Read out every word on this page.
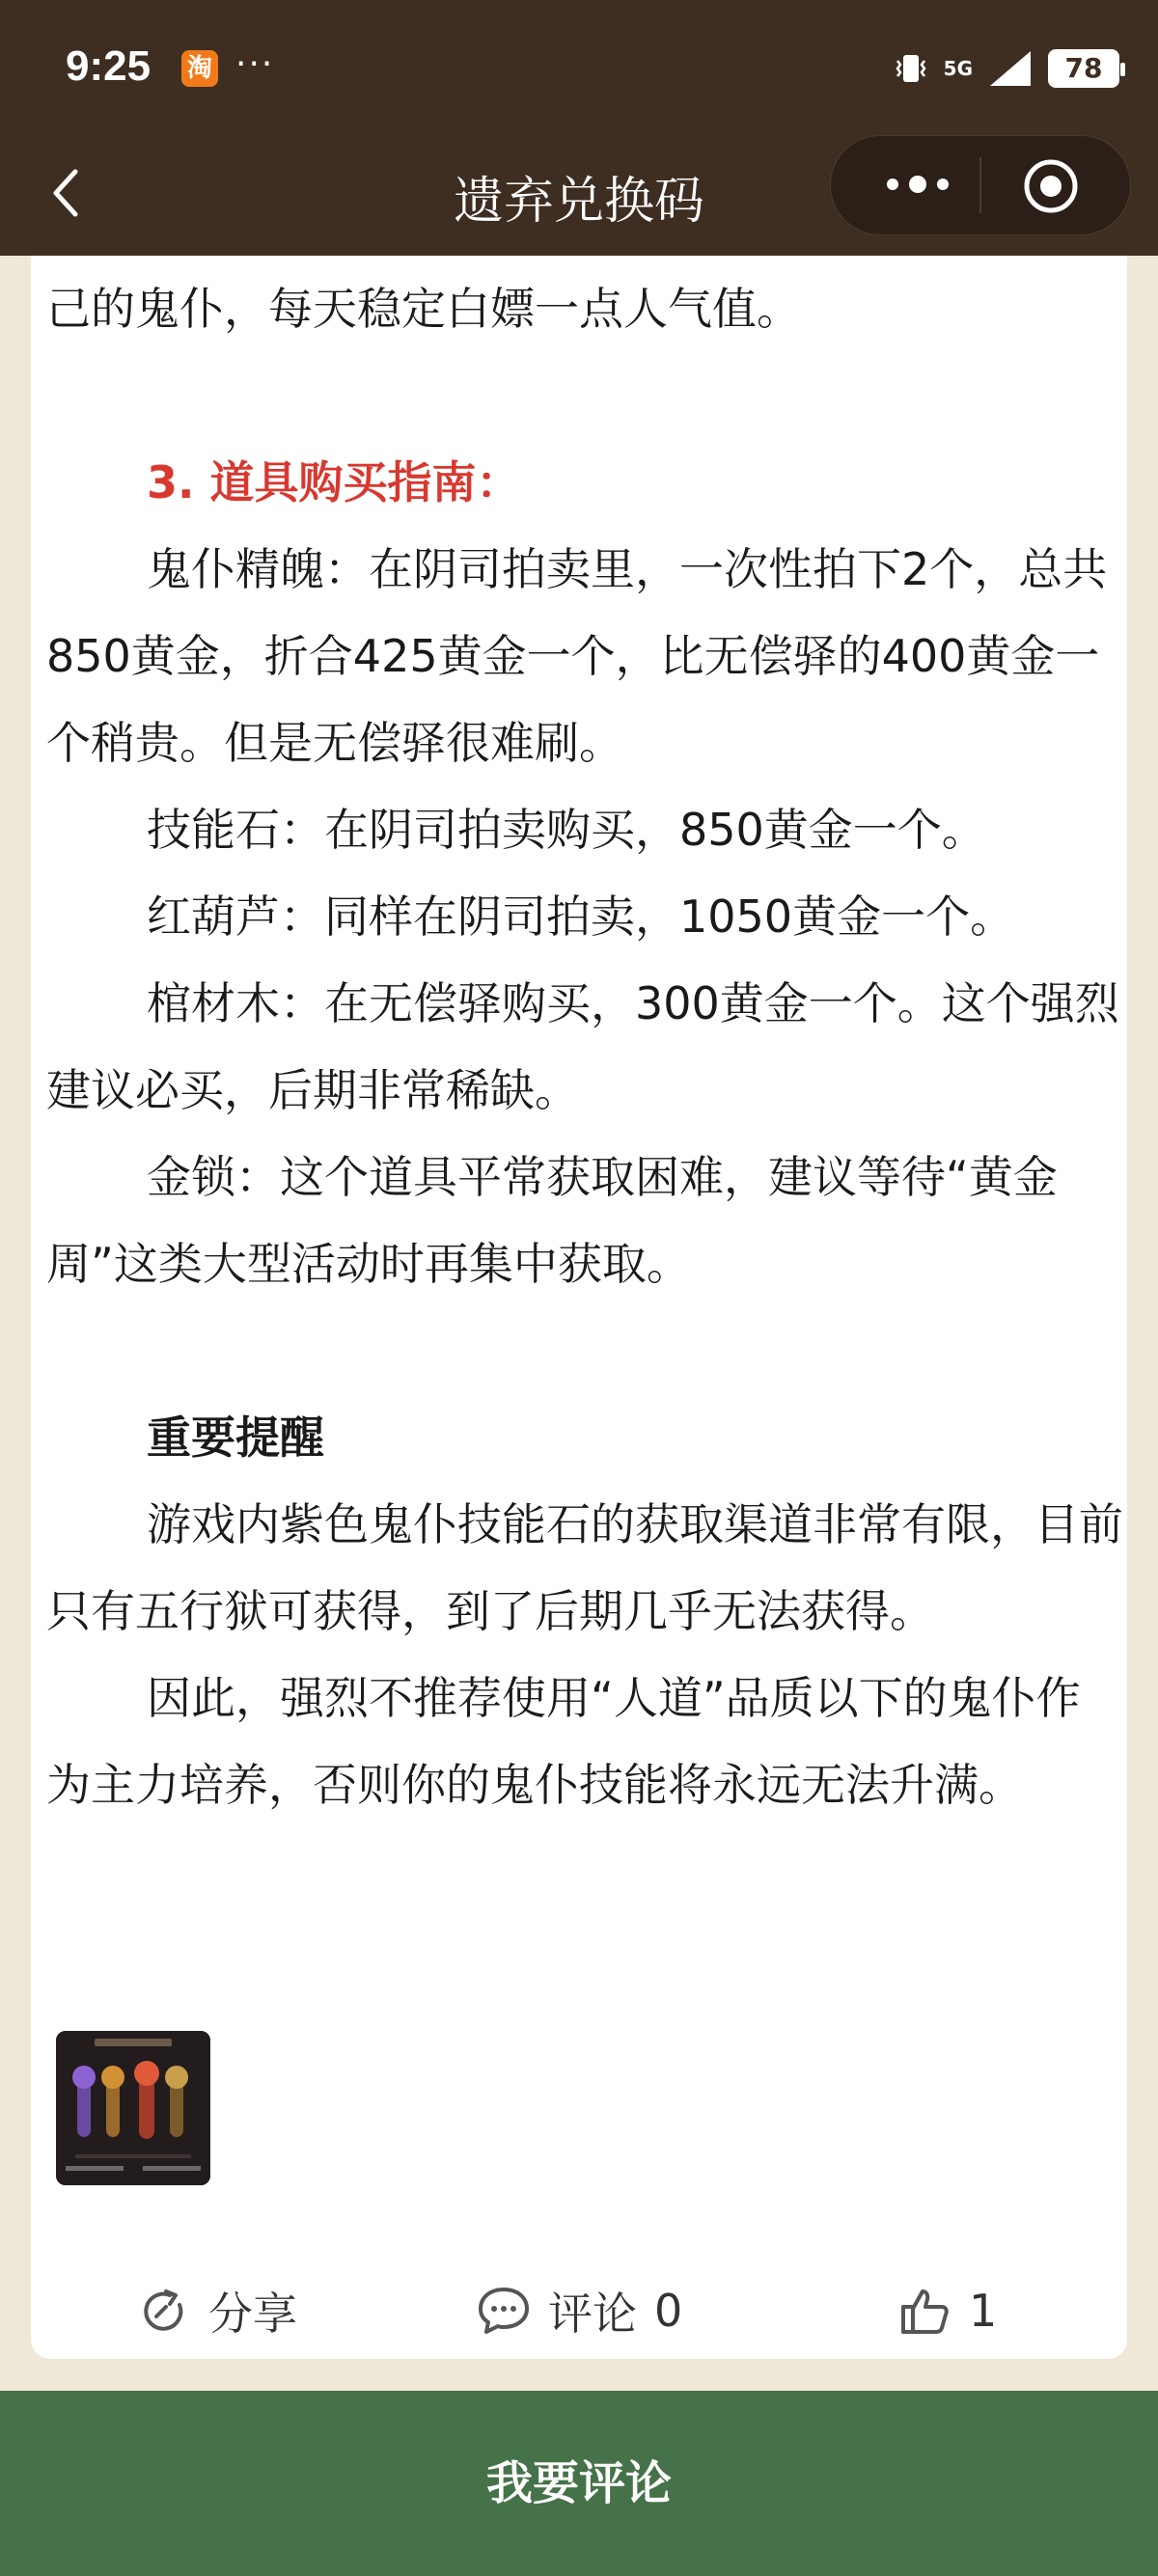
9:25 淘 ···	5G	78
遗弃兑换码

己的鬼仆，每天稳定白嫖一点人气值。

3. 道具购买指南：

鬼仆精魄：在阴司拍卖里，一次性拍下2个，总共850黄金，折合425黄金一个，比无偿驿的400黄金一个稍贵。但是无偿驿很难刷。

技能石：在阴司拍卖购买，850黄金一个。

红葫芦：同样在阴司拍卖，1050黄金一个。

棺材木：在无偿驿购买，300黄金一个。这个强烈建议必买，后期非常稀缺。

金锁：这个道具平常获取困难，建议等待“黄金周”这类大型活动时再集中获取。

重要提醒

游戏内紫色鬼仆技能石的获取渠道非常有限，目前只有五行狱可获得，到了后期几乎无法获得。

因此，强烈不推荐使用“人道”品质以下的鬼仆作为主力培养，否则你的鬼仆技能将永远无法升满。

分享	评论 0	1
我要评论
